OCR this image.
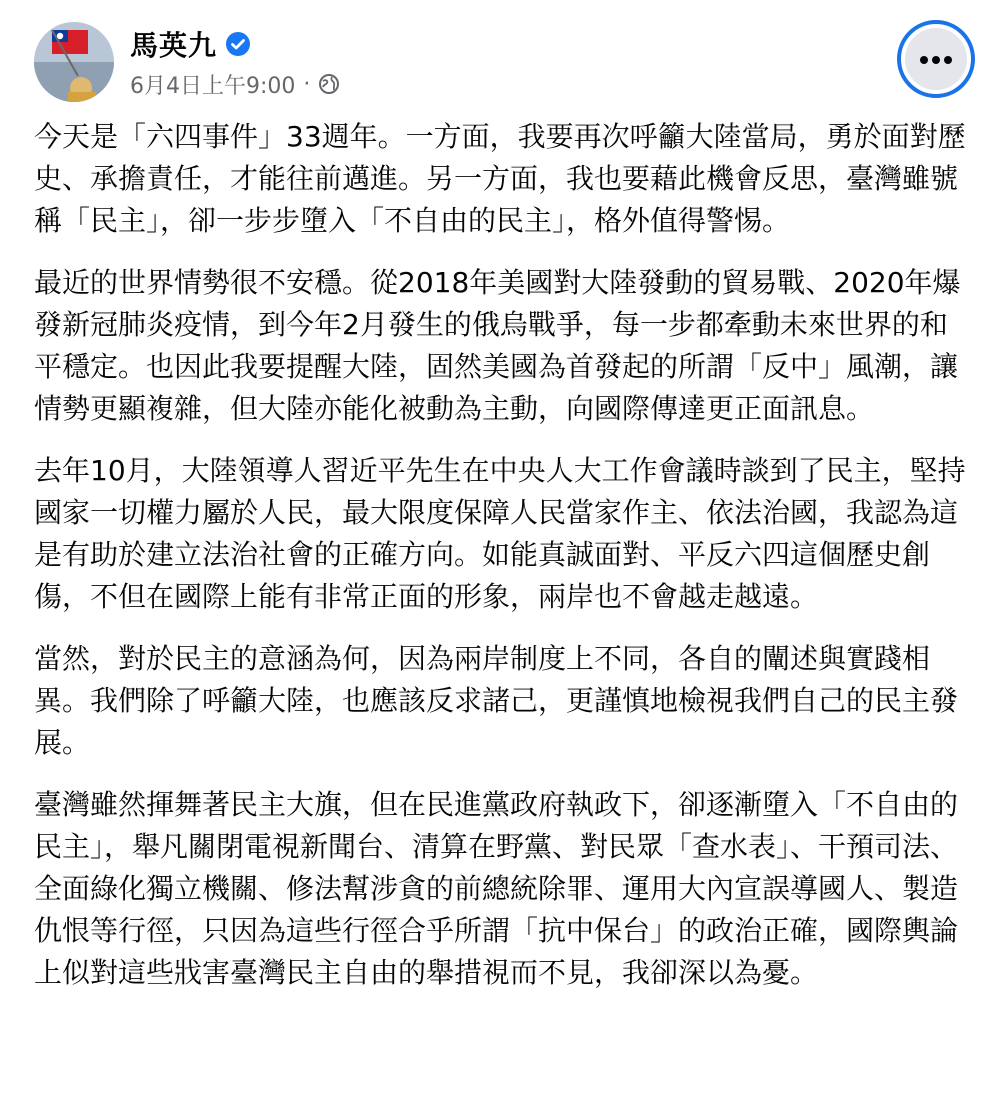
馬英九
6月4日上午9:00 ·

今天是「六四事件」33週年。一方面，我要再次呼籲大陸當局，勇於面對歷史、承擔責任，才能往前邁進。另一方面，我也要藉此機會反思，臺灣雖號稱「民主」，卻一步步墮入「不自由的民主」，格外值得警惕。

最近的世界情勢很不安穩。從2018年美國對大陸發動的貿易戰、2020年爆發新冠肺炎疫情，到今年2月發生的俄烏戰爭，每一步都牽動未來世界的和平穩定。也因此我要提醒大陸，固然美國為首發起的所謂「反中」風潮，讓情勢更顯複雜，但大陸亦能化被動為主動，向國際傳達更正面訊息。

去年10月，大陸領導人習近平先生在中央人大工作會議時談到了民主，堅持國家一切權力屬於人民，最大限度保障人民當家作主、依法治國，我認為這是有助於建立法治社會的正確方向。如能真誠面對、平反六四這個歷史創傷，不但在國際上能有非常正面的形象，兩岸也不會越走越遠。

當然，對於民主的意涵為何，因為兩岸制度上不同，各自的闡述與實踐相異。我們除了呼籲大陸，也應該反求諸己，更謹慎地檢視我們自己的民主發展。

臺灣雖然揮舞著民主大旗，但在民進黨政府執政下，卻逐漸墮入「不自由的民主」，舉凡關閉電視新聞台、清算在野黨、對民眾「查水表」、干預司法、全面綠化獨立機關、修法幫涉貪的前總統除罪、運用大內宣誤導國人、製造仇恨等行徑，只因為這些行徑合乎所謂「抗中保台」的政治正確，國際輿論上似對這些戕害臺灣民主自由的舉措視而不見，我卻深以為憂。
